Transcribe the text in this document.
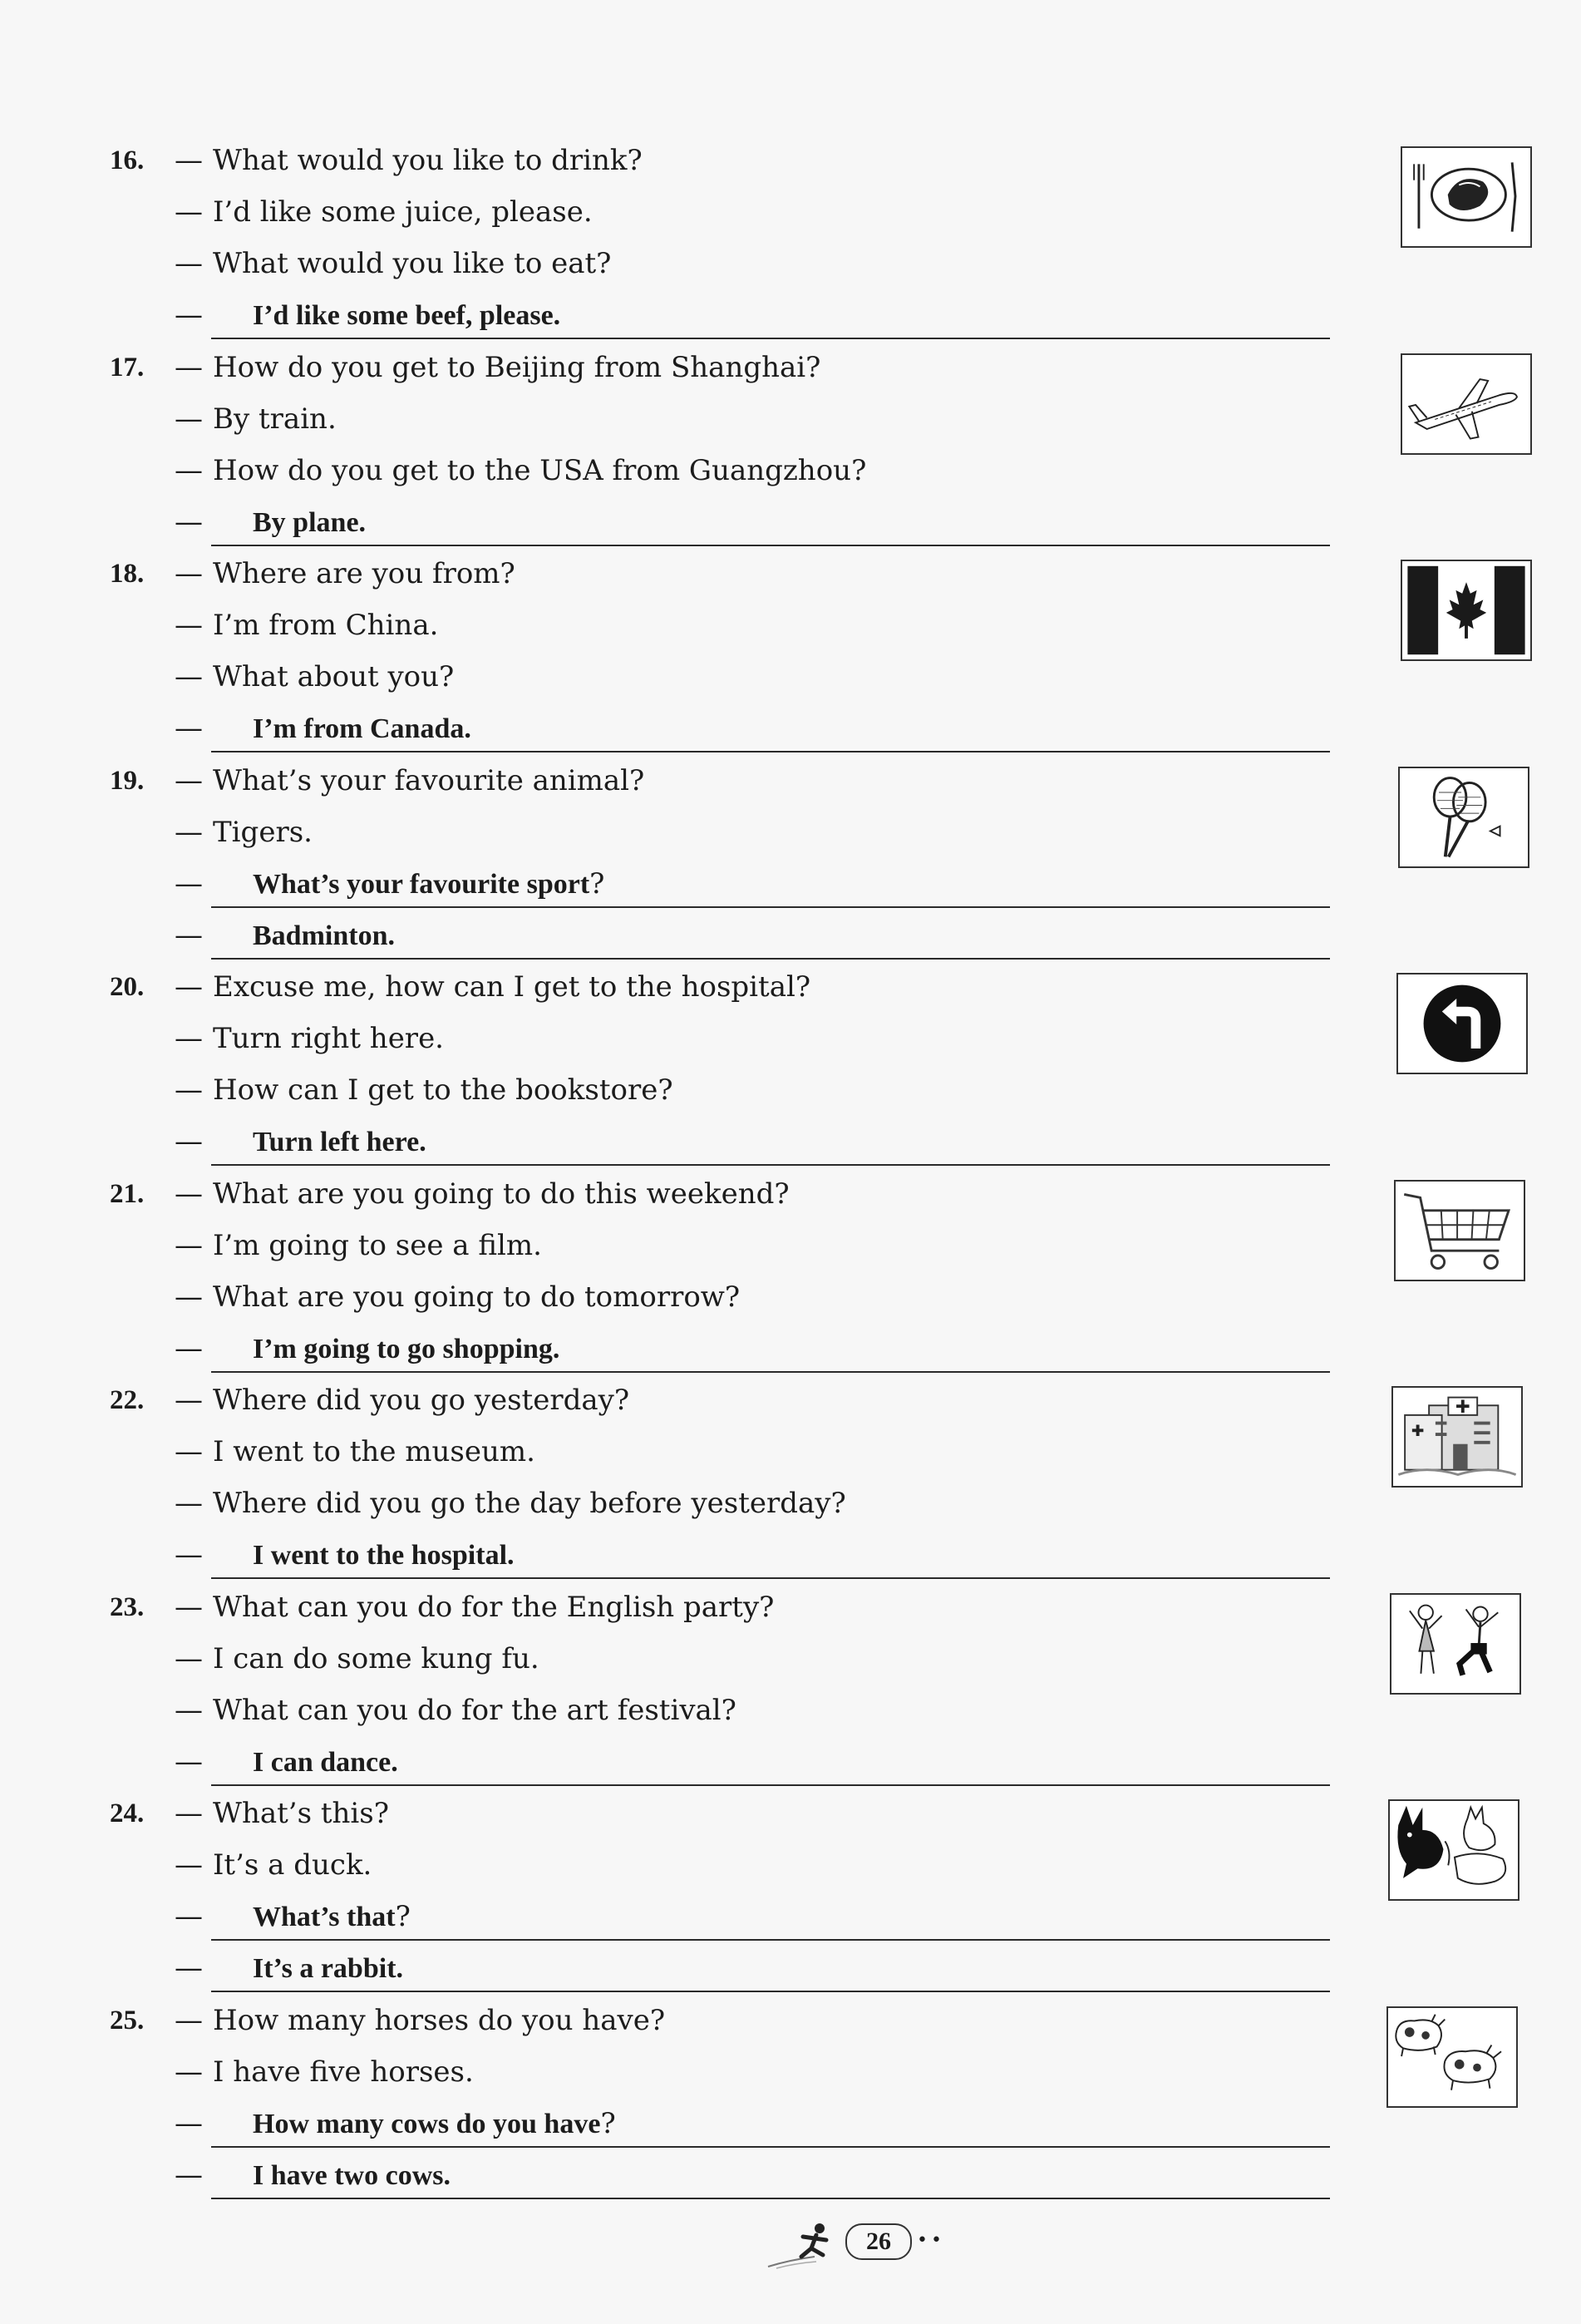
16. — What would you like to drink?
— I’d like some juice, please.
— What would you like to eat?
—	I’d like some beef, please.
17. — How do you get to Beijing from Shanghai?
— By train.
— How do you get to the USA from Guangzhou?
—	By plane.
18. — Where are you from?
— I’m from China.
— What about you?
—	I’m from Canada.
19. — What’s your favourite animal?
— Tigers.
—	What’s your favourite sport?
—	Badminton.
20. — Excuse me, how can I get to the hospital?
— Turn right here.
— How can I get to the bookstore?
—	Turn left here.
21. — What are you going to do this weekend?
— I’m going to see a film.
— What are you going to do tomorrow?
—	I’m going to go shopping.
22. — Where did you go yesterday?
— I went to the museum.
— Where did you go the day before yesterday?
—	I went to the hospital.
23. — What can you do for the English party?
— I can do some kung fu.
— What can you do for the art festival?
—	I can dance.
24. — What’s this?
— It’s a duck.
—	What’s that?
—	It’s a rabbit.
25. — How many horses do you have?
— I have five horses.
—	How many cows do you have?
—	I have two cows.
26	••
